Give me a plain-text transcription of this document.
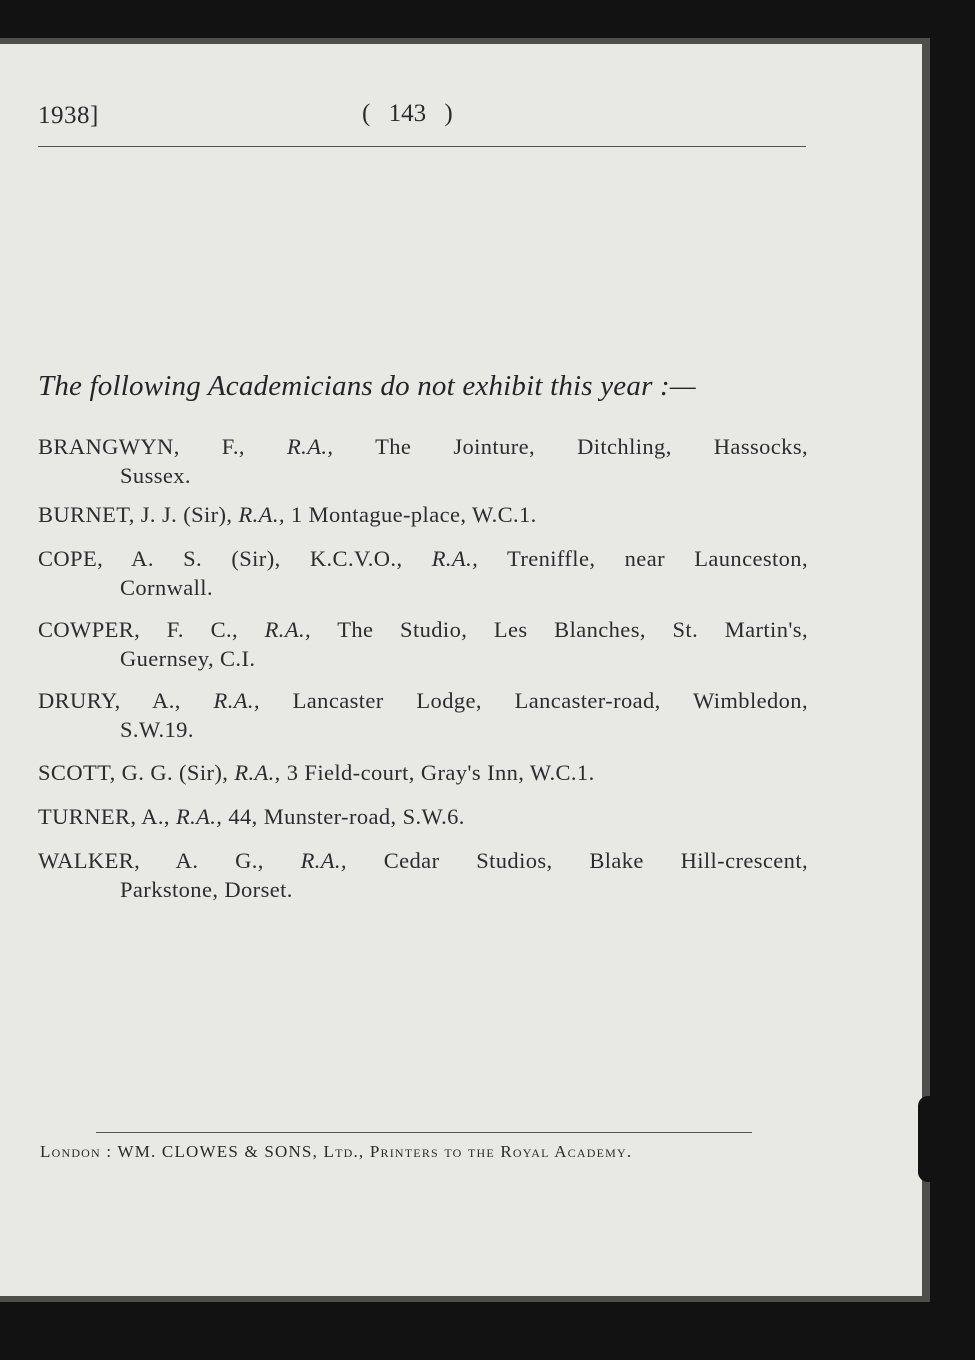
1938]	( 143 )
The following Academicians do not exhibit this year :—
BRANGWYN, F., R.A., The Jointure, Ditchling, Hassocks,
Sussex.
BURNET, J. J. (Sir), R.A., 1 Montague-place, W.C.1.
COPE, A. S. (Sir), K.C.V.O., R.A., Treniffle, near Launceston,
Cornwall.
COWPER, F. C., R.A., The Studio, Les Blanches, St. Martin's,
Guernsey, C.I.
DRURY, A., R.A., Lancaster Lodge, Lancaster-road, Wimbledon,
S.W.19.
SCOTT, G. G. (Sir), R.A., 3 Field-court, Gray's Inn, W.C.1.
TURNER, A., R.A., 44, Munster-road, S.W.6.
WALKER, A. G., R.A., Cedar Studios, Blake Hill-crescent,
Parkstone, Dorset.
London : WM. CLOWES & SONS, Ltd., Printers to the Royal Academy.
